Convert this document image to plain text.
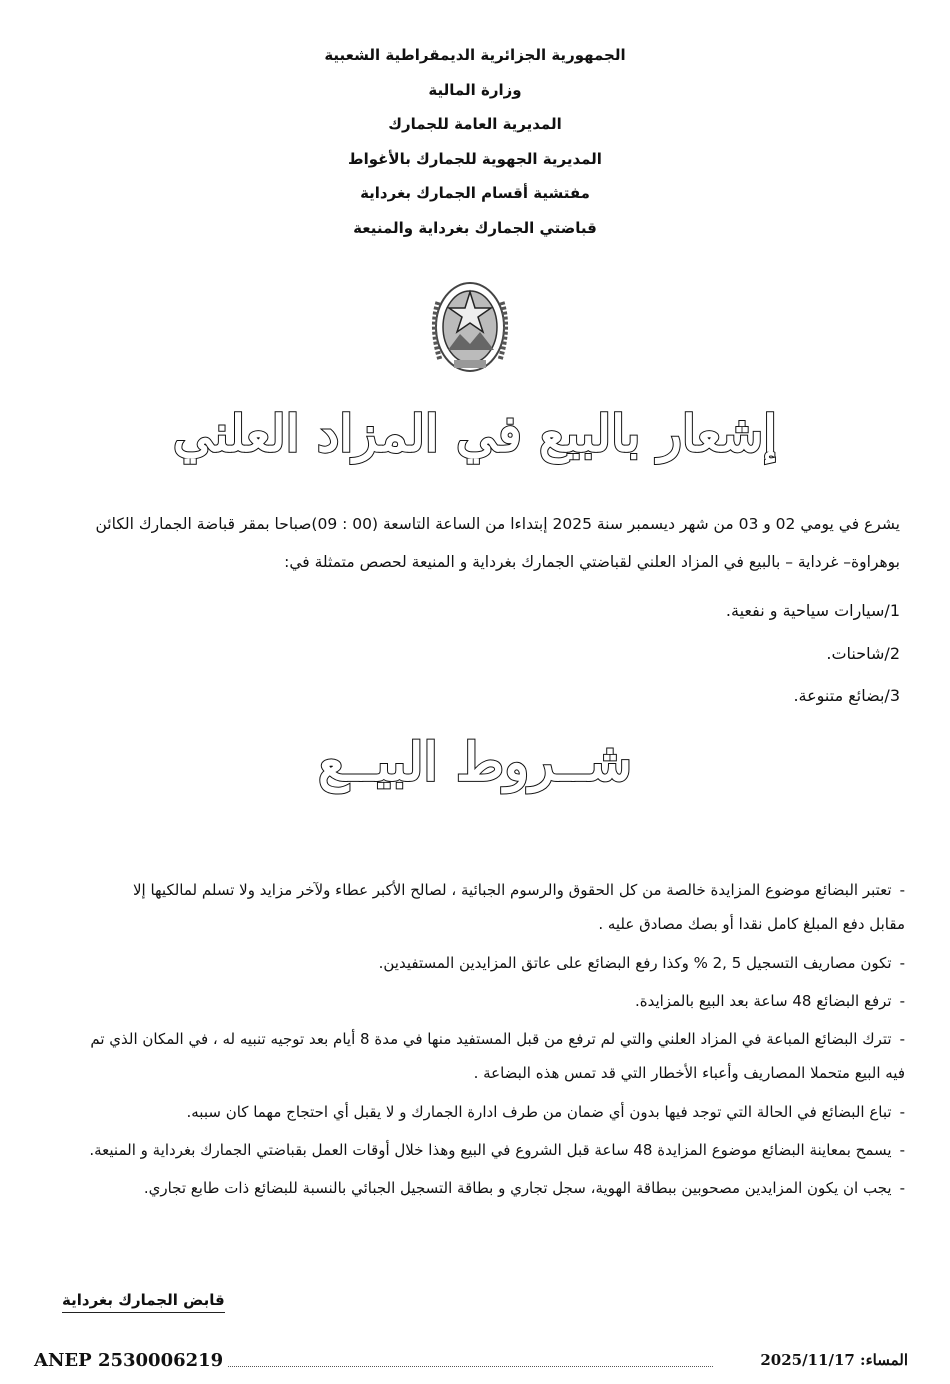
الجمهورية الجزائرية الديمقراطية الشعبية
وزارة المالية
المديرية العامة للجمارك
المديرية الجهوية للجمارك بالأغواط
مفتشية أقسام الجمارك بغرداية
قباضتي الجمارك بغرداية والمنيعة
إشعار بالبيع في المزاد العلني
يشرع في يومي 02 و 03 من شهر ديسمبر سنة 2025 إبتداءا من الساعة التاسعة (00 : 09)صباحا بمقر قباضة الجمارك الكائن
بوهراوة– غرداية – بالبيع في المزاد العلني لقباضتي الجمارك بغرداية و المنيعة لحصص متمثلة في:
1/سيارات سياحية و نفعية.
2/شاحنات.
3/بضائع متنوعة.
شــروط البيــع
-تعتبر البضائع موضوع المزايدة خالصة من كل الحقوق والرسوم الجبائية ، لصالح الأكبر عطاء ولآخر مزايد ولا تسلم لمالكيها إلا
مقابل دفع المبلغ كامل نقدا أو بصك مصادق عليه .
-تكون مصاريف التسجيل 5 ,2 % وكذا رفع البضائع على عاتق المزايدين المستفيدين.
-ترفع البضائع 48 ساعة بعد البيع بالمزايدة.
-تترك البضائع المباعة في المزاد العلني والتي لم ترفع من قبل المستفيد منها في مدة 8 أيام بعد توجيه تنبيه له ، في المكان الذي تم
فيه البيع متحملا المصاريف وأعباء الأخطار التي قد تمس هذه البضاعة .
-تباع البضائع في الحالة التي توجد فيها بدون أي ضمان من طرف ادارة الجمارك و لا يقبل أي احتجاج مهما كان سببه.
-يسمح بمعاينة البضائع موضوع المزايدة 48 ساعة قبل الشروع في البيع وهذا خلال أوقات العمل بقباضتي الجمارك بغرداية و المنيعة.
-يجب ان يكون المزايدين مصحوبين ببطاقة الهوية، سجل تجاري و بطاقة التسجيل الجبائي بالنسبة للبضائع ذات طابع تجاري.
قابض الجمارك بغرداية
ANEP 2530006219	المساء: 2025/11/17
